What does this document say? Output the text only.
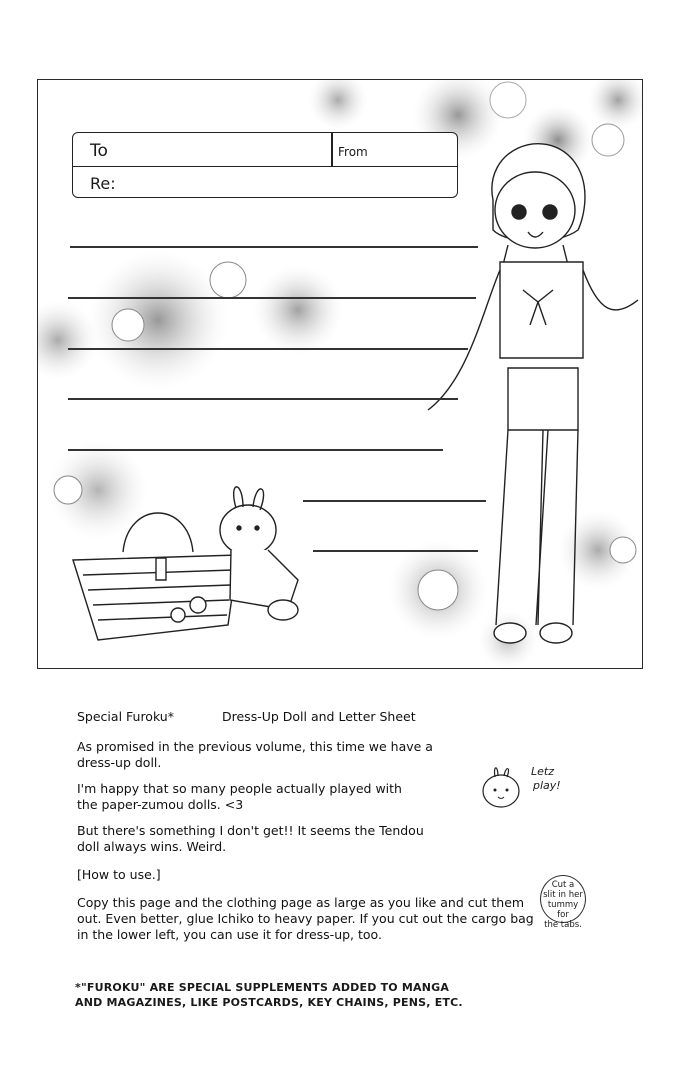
To	From
Re:
Special Furoku*	Dress-Up Doll and Letter Sheet
As promised in the previous volume, this time we have a dress-up doll.
I'm happy that so many people actually played with the paper-zumou dolls. <3
But there's something I don't get!! It seems the Tendou doll always wins. Weird.
[How to use.]
Copy this page and the clothing page as large as you like and cut them out. Even better, glue Ichiko to heavy paper. If you cut out the cargo bag in the lower left, you can use it for dress-up, too.
*"FUROKU" ARE SPECIAL SUPPLEMENTS ADDED TO MANGA
AND MAGAZINES, LIKE POSTCARDS, KEY CHAINS, PENS, ETC.
Letz
play!
Cut a
slit in her
tummy for
the tabs.
